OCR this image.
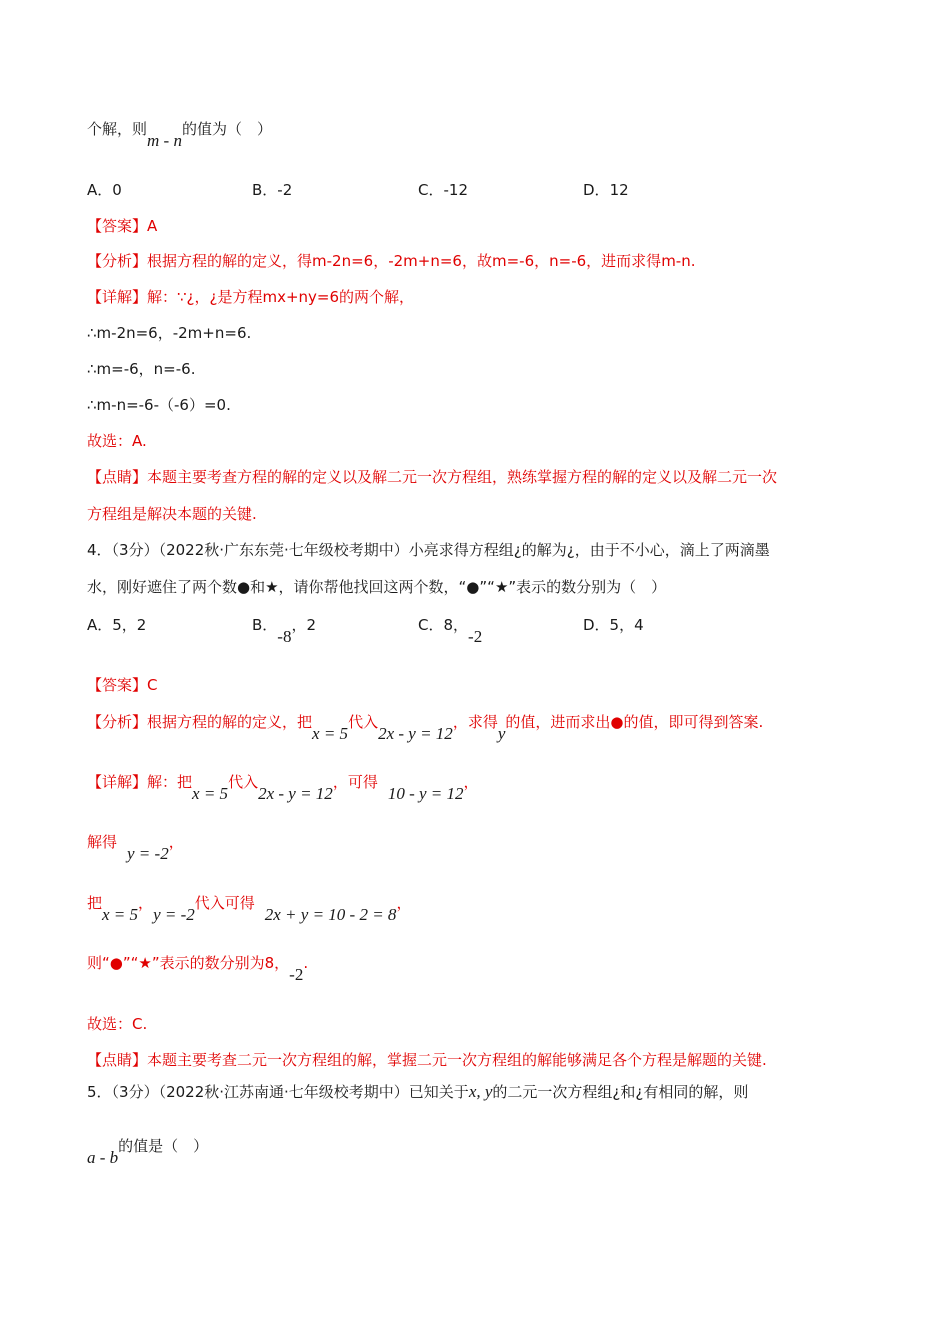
个解，则m - n的值为（　）
A．0	B．-2	C．-12	D．12
【答案】A
【分析】根据方程的解的定义，得m-2n=6，-2m+n=6，故m=-6，n=-6，进而求得m-n.
【详解】解：∵¿，¿是方程mx+ny=6的两个解，
∴m-2n=6，-2m+n=6.
∴m=-6，n=-6.
∴m-n=-6-（-6）=0.
故选：A.
【点睛】本题主要考查方程的解的定义以及解二元一次方程组，熟练掌握方程的解的定义以及解二元一次
方程组是解决本题的关键.
4．（3分）（2022秋·广东东莞·七年级校考期中）小亮求得方程组¿的解为¿，由于不小心，滴上了两滴墨
水，刚好遮住了两个数●和★，请你帮他找回这两个数，“●”“★”表示的数分别为（　）
A．5，2	B．-8，2	C．8，-2
D．5，4
【答案】C
【分析】根据方程的解的定义，把x = 5代入2x - y = 12，求得y的值，进而求出●的值，即可得到答案.
【详解】解：把x = 5代入2x - y = 12，可得10 - y = 12，
解得y = -2，
把x = 5，y = -2代入可得2x + y = 10 - 2 = 8，
则“●”“★”表示的数分别为8，-2.
故选：C.
【点睛】本题主要考查二元一次方程组的解，掌握二元一次方程组的解能够满足各个方程是解题的关键.
5．（3分）（2022秋·江苏南通·七年级校考期中）已知关于x, y的二元一次方程组¿和¿有相同的解，则
a - b的值是（　）
